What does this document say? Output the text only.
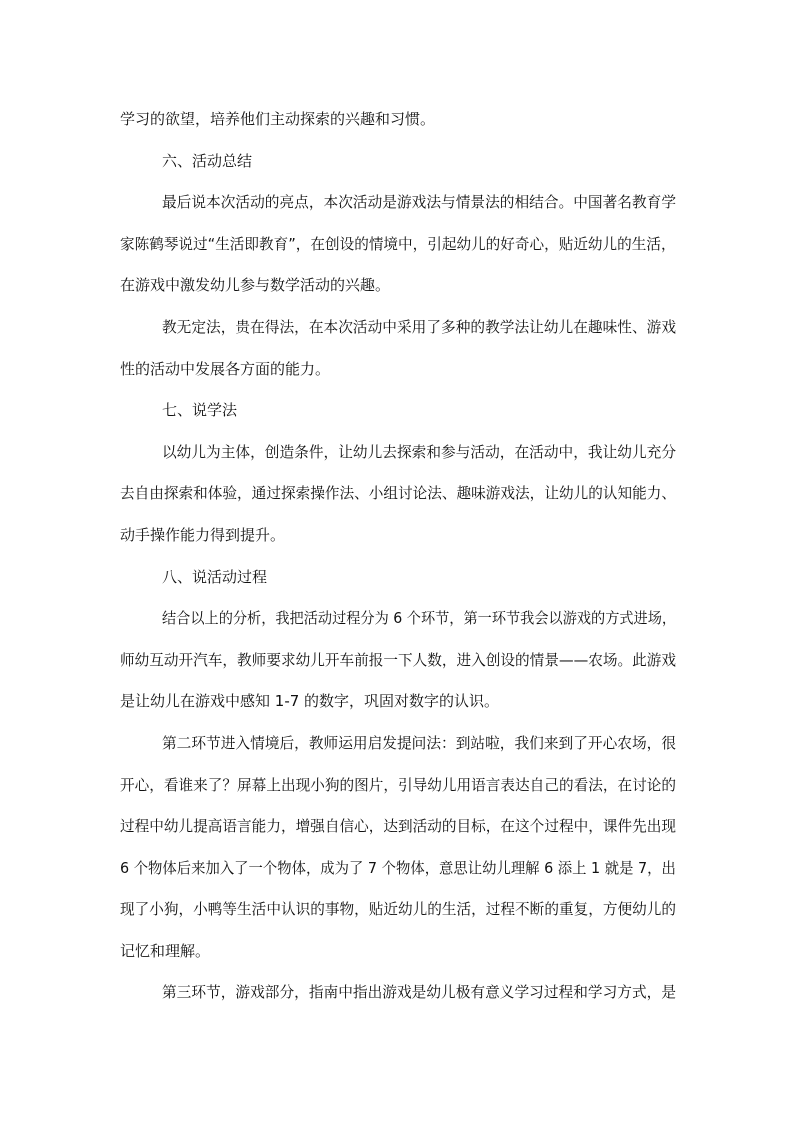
学习的欲望，培养他们主动探索的兴趣和习惯。
六、活动总结
最后说本次活动的亮点，本次活动是游戏法与情景法的相结合。中国著名教育学
家陈鹤琴说过“生活即教育”，在创设的情境中，引起幼儿的好奇心，贴近幼儿的生活，
在游戏中激发幼儿参与数学活动的兴趣。
教无定法，贵在得法，在本次活动中采用了多种的教学法让幼儿在趣味性、游戏
性的活动中发展各方面的能力。
七、说学法
以幼儿为主体，创造条件，让幼儿去探索和参与活动，在活动中，我让幼儿充分
去自由探索和体验，通过探索操作法、小组讨论法、趣味游戏法，让幼儿的认知能力、
动手操作能力得到提升。
八、说活动过程
结合以上的分析，我把活动过程分为 6 个环节，第一环节我会以游戏的方式进场，
师幼互动开汽车，教师要求幼儿开车前报一下人数，进入创设的情景——农场。此游戏
是让幼儿在游戏中感知 1-7 的数字，巩固对数字的认识。
第二环节进入情境后，教师运用启发提问法：到站啦，我们来到了开心农场，很
开心，看谁来了？屏幕上出现小狗的图片，引导幼儿用语言表达自己的看法，在讨论的
过程中幼儿提高语言能力，增强自信心，达到活动的目标，在这个过程中，课件先出现
6 个物体后来加入了一个物体，成为了 7 个物体，意思让幼儿理解 6 添上 1 就是 7，出
现了小狗，小鸭等生活中认识的事物，贴近幼儿的生活，过程不断的重复，方便幼儿的
记忆和理解。
第三环节，游戏部分，指南中指出游戏是幼儿极有意义学习过程和学习方式，是
